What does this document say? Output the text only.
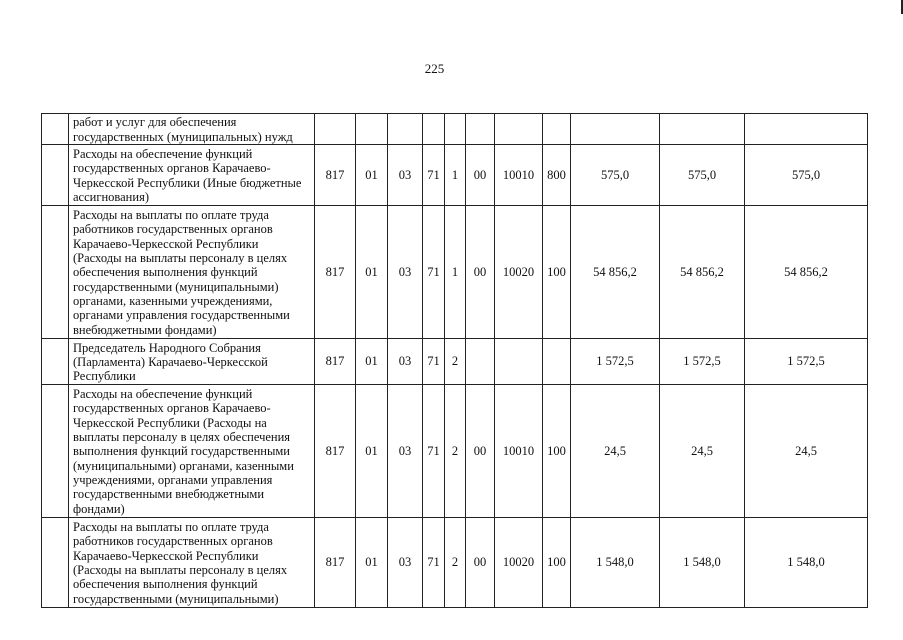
225
	работ и услуг для обеспечения государственных (муниципальных) нужд											
	Расходы на обеспечение функций государственных органов Карачаево-Черкесской Республики (Иные бюджетные ассигнования)	817	01	03	71	1	00	10010	800	575,0	575,0	575,0
	Расходы на выплаты по оплате труда работников государственных органов Карачаево-Черкесской Республики (Расходы на выплаты персоналу в целях обеспечения выполнения функций государственными (муниципальными) органами, казенными учреждениями, органами управления государственными внебюджетными фондами)	817	01	03	71	1	00	10020	100	54 856,2	54 856,2	54 856,2
	Председатель Народного Собрания (Парламента) Карачаево-Черкесской Республики	817	01	03	71	2				1 572,5	1 572,5	1 572,5
	Расходы на обеспечение функций государственных органов Карачаево-Черкесской Республики (Расходы на выплаты персоналу в целях обеспечения выполнения функций государственными (муниципальными) органами, казенными учреждениями, органами управления государственными внебюджетными фондами)	817	01	03	71	2	00	10010	100	24,5	24,5	24,5
	Расходы на выплаты по оплате труда работников государственных органов Карачаево-Черкесской Республики (Расходы на выплаты персоналу в целях обеспечения выполнения функций государственными (муниципальными)	817	01	03	71	2	00	10020	100	1 548,0	1 548,0	1 548,0
